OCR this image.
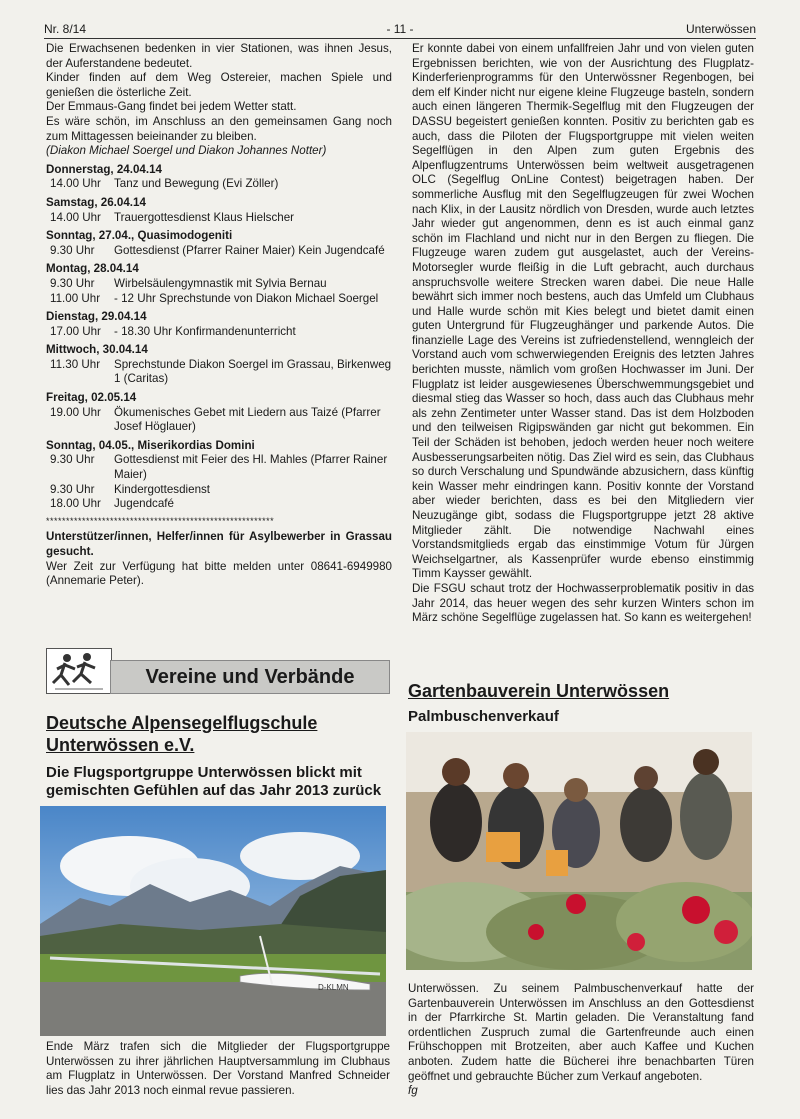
Nr. 8/14	- 11 -	Unterwössen

Die Erwachsenen bedenken in vier Stationen, was ihnen Jesus, der Auferstandene bedeutet.

Kinder finden auf dem Weg Ostereier, machen Spiele und genießen die österliche Zeit.

Der Emmaus-Gang findet bei jedem Wetter statt.

Es wäre schön, im Anschluss an den gemeinsamen Gang noch zum Mittagessen beieinander zu bleiben.

(Diakon Michael Soergel und Diakon Johannes Notter)

Donnerstag, 24.04.14
14.00 Uhr	Tanz und Bewegung (Evi Zöller)
Samstag, 26.04.14
14.00 Uhr	Trauergottesdienst Klaus Hielscher
Sonntag, 27.04., Quasimodogeniti
9.30 Uhr	Gottesdienst (Pfarrer Rainer Maier) Kein Jugendcafé
Montag, 28.04.14
9.30 Uhr	Wirbelsäulengymnastik mit Sylvia Bernau
11.00 Uhr	- 12 Uhr Sprechstunde von Diakon Michael Soergel
Dienstag, 29.04.14
17.00 Uhr	- 18.30 Uhr Konfirmandenunterricht
Mittwoch, 30.04.14
11.30 Uhr	Sprechstunde Diakon Soergel im Grassau, Birkenweg 1 (Caritas)
Freitag, 02.05.14
19.00 Uhr	Ökumenisches Gebet mit Liedern aus Taizé (Pfarrer Josef Höglauer)
Sonntag, 04.05., Miserikordias Domini
9.30 Uhr	Gottesdienst mit Feier des Hl. Mahles (Pfarrer Rainer Maier)
9.30 Uhr	Kindergottesdienst
18.00 Uhr	Jugendcafé
*********************************************************

Unterstützer/innen, Helfer/innen für Asylbewerber in Grassau gesucht.

Wer Zeit zur Verfügung hat bitte melden unter 08641-6949980 (Annemarie Peter).

Vereine und Verbände
Deutsche Alpensegelflugschule Unterwössen e.V.
Die Flugsportgruppe Unterwössen blickt mit gemischten Gefühlen auf das Jahr 2013 zurück
D-KLMN
Ende März trafen sich die Mitglieder der Flugsportgruppe Unterwössen zu ihrer jährlichen Hauptversammlung im Clubhaus am Flugplatz in Unterwössen. Der Vorstand Manfred Schneider lies das Jahr 2013 noch einmal revue passieren.

Er konnte dabei von einem unfallfreien Jahr und von vielen guten Ergebnissen berichten, wie von der Ausrichtung des Flugplatz-Kinderferienprogramms für den Unterwössner Regenbogen, bei dem elf Kinder nicht nur eigene kleine Flugzeuge basteln, sondern auch einen längeren Thermik-Segelflug mit den Flugzeugen der DASSU begeistert genießen konnten. Positiv zu berichten gab es auch, dass die Piloten der Flugsportgruppe mit vielen weiten Segelflügen in den Alpen zum guten Ergebnis des Alpenflugzentrums Unterwössen beim weltweit ausgetragenen OLC (Segelflug OnLine Contest) beigetragen haben. Der sommerliche Ausflug mit den Segelflugzeugen für zwei Wochen nach Klix, in der Lausitz nördlich von Dresden, wurde auch letztes Jahr wieder gut angenommen, denn es ist auch einmal ganz schön im Flachland und nicht nur in den Bergen zu fliegen. Die Flugzeuge waren zudem gut ausgelastet, auch der Vereins- Motorsegler wurde fleißig in die Luft gebracht, auch durchaus anspruchsvolle weitere Strecken waren dabei. Die neue Halle bewährt sich immer noch bestens, auch das Umfeld um Clubhaus und Halle wurde schön mit Kies belegt und bietet damit einen guten Untergrund für Flugzeughänger und parkende Autos. Die finanzielle Lage des Vereins ist zufriedenstellend, wenngleich der Vorstand auch vom schwerwiegenden Ereignis des letzten Jahres berichten musste, nämlich vom großen Hochwasser im Juni. Der Flugplatz ist leider ausgewiesenes Überschwemmungsgebiet und diesmal stieg das Wasser so hoch, dass auch das Clubhaus mehr als zehn Zentimeter unter Wasser stand. Das ist dem Holzboden und den teilweisen Rigipswänden gar nicht gut bekommen. Ein Teil der Schäden ist behoben, jedoch werden heuer noch weitere Ausbesserungsarbeiten nötig. Das Ziel wird es sein, das Clubhaus so durch Verschalung und Spundwände abzusichern, dass künftig kein Wasser mehr eindringen kann. Positiv konnte der Vorstand aber wieder berichten, dass es bei den Mitgliedern vier Neuzugänge gibt, sodass die Flugsportgruppe jetzt 28 aktive Mitglieder zählt. Die notwendige Nachwahl eines Vorstandsmitglieds ergab das einstimmige Votum für Jürgen Weichselgartner, als Kassenprüfer wurde ebenso einstimmig Timm Kaysser gewählt.

Die FSGU schaut trotz der Hochwasserproblematik positiv in das Jahr 2014, das heuer wegen des sehr kurzen Winters schon im März schöne Segelflüge zugelassen hat. So kann es weitergehen!

Gartenbauverein Unterwössen
Palmbuschenverkauf
Unterwössen. Zu seinem Palmbuschenverkauf hatte der Gartenbauverein Unterwössen im Anschluss an den Gottesdienst in der Pfarrkirche St. Martin geladen. Die Veranstaltung fand ordentlichen Zuspruch zumal die Gartenfreunde auch einen Frühschoppen mit Brotzeiten, aber auch Kaffee und Kuchen anboten. Zudem hatte die Bücherei ihre benachbarten Türen geöffnet und gebrauchte Bücher zum Verkauf angeboten.
fg
